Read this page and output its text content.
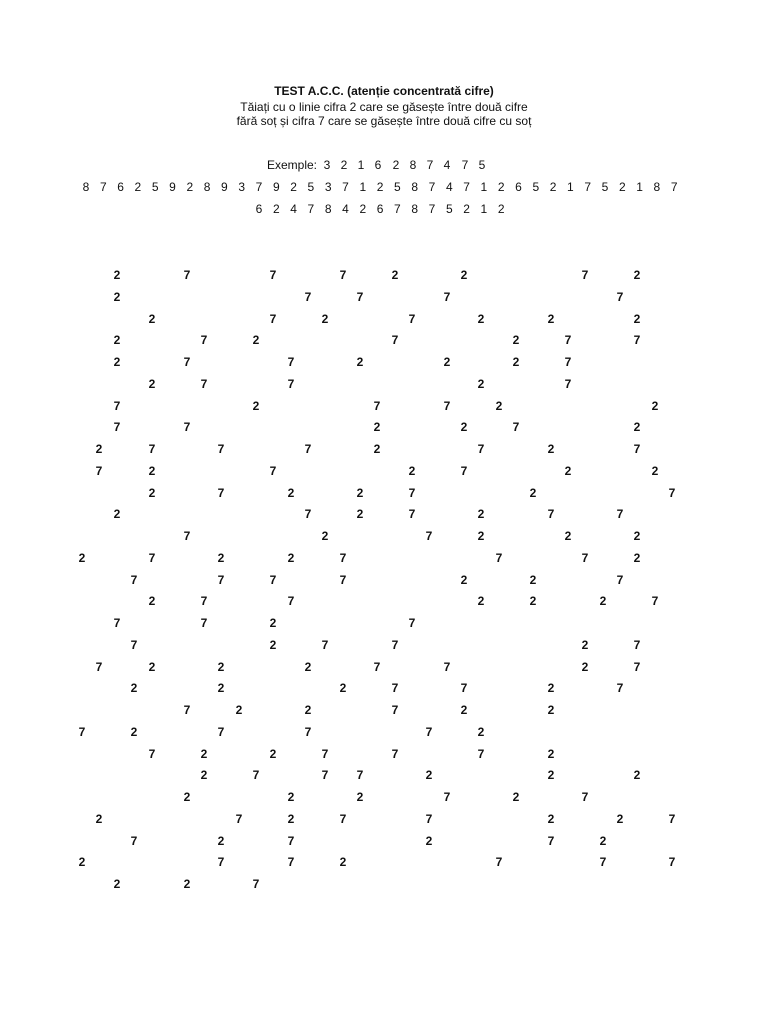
TEST A.C.C. (atenție concentrată cifre)
Tăiați cu o linie cifra 2 care se găsește între două cifre
fără soț și cifra 7 care se găsește între două cifre cu soț
Exemple: 3 2 1 6 2 8 7 4 7 5
8 7 6 2 5 9 2 8 9 3 7 9 2 5 3 7 1 2 5 8 7 4 7 1 2 6 5 2 1 7 5 2 1 8 7
6 2 4 7 8 4 2 6 7 8 7 5 2 1 2
2	7	7	7	2	2	7	2
2	7	7	7	7
2	7	2	7	2	2	2
2	7	2	7	2	7	7
2	7	7	2	2	2	7
2	7	7	2	7
7	2	7	7	2	2
7	7	2	2	7	2
2	7	7	7	2	7	2	7
7	2	7	2	7	2	2
2	7	2	2	7	2	7
2	7	2	7	2	7	7
7	2	7	2	2	2
2	7	2	2	7	7	7	2
7	7	7	7	2	2	7
2	7	7	2	2	2	7
7	7	2	7
7	2	7	7	2	7
7	2	2	2	7	7	2	7
2	2	2	7	7	2	7
7	2	2	7	2	2
7	2	7	7	7	2
7	2	2	7	7	7	2
2	7	7 7	2	2	2
2	2	2	7	2	7
2	7	2	7	7	2	2	7
7	2	7	2	7	2
2	7	7	2	7	7	7
2	2	7
